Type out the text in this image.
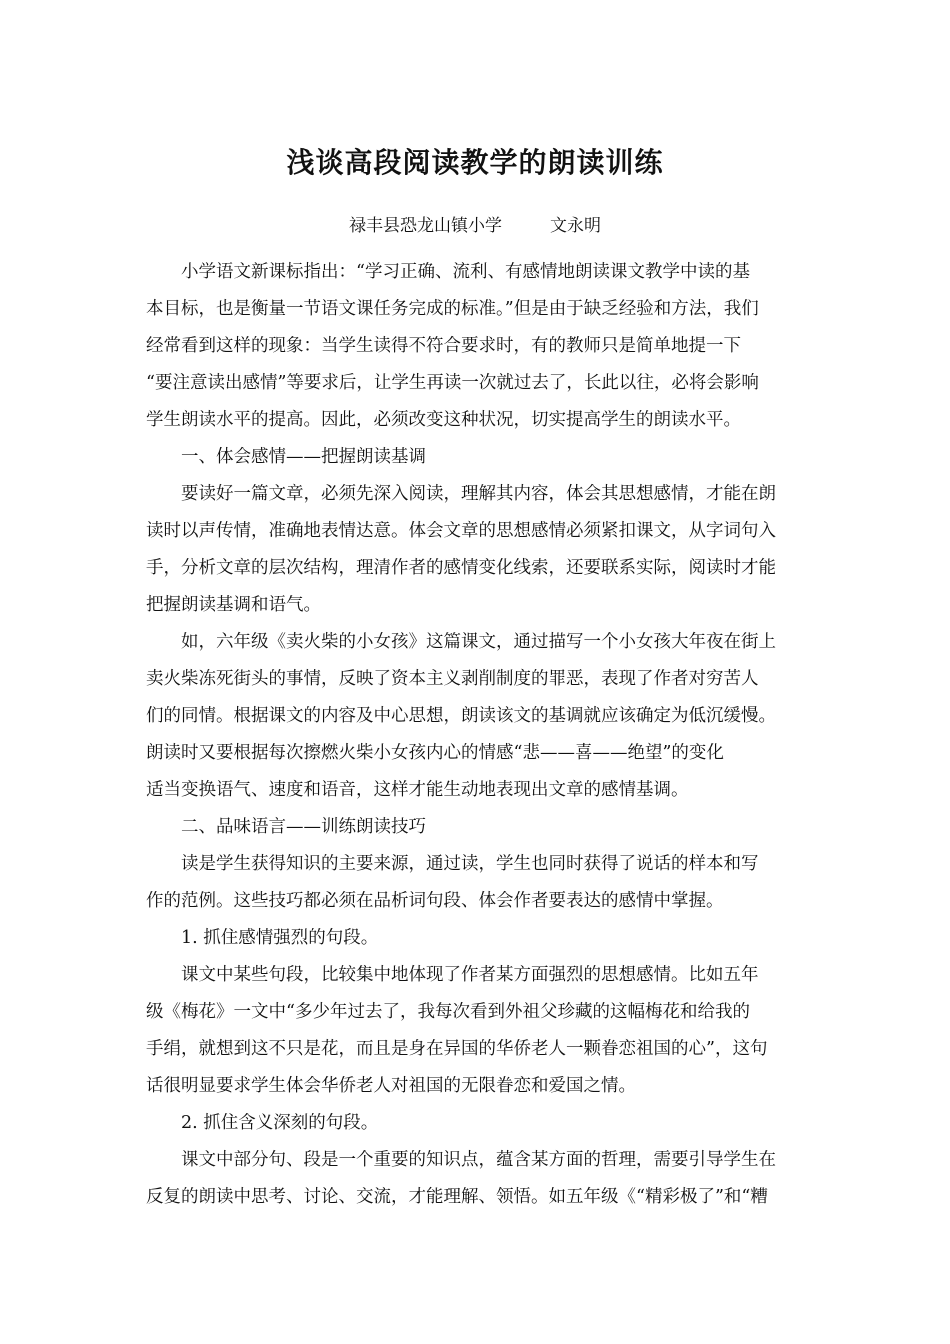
浅谈高段阅读教学的朗读训练
禄丰县恐龙山镇小学	文永明
　　小学语文新课标指出：“学习正确、流利、有感情地朗读课文教学中读的基
本目标，也是衡量一节语文课任务完成的标准。”但是由于缺乏经验和方法，我们
经常看到这样的现象：当学生读得不符合要求时，有的教师只是简单地提一下
“要注意读出感情”等要求后，让学生再读一次就过去了，长此以往，必将会影响
学生朗读水平的提高。因此，必须改变这种状况，切实提高学生的朗读水平。
　　一、体会感情——把握朗读基调
　　要读好一篇文章，必须先深入阅读，理解其内容，体会其思想感情，才能在朗
读时以声传情，准确地表情达意。体会文章的思想感情必须紧扣课文，从字词句入
手，分析文章的层次结构，理清作者的感情变化线索，还要联系实际，阅读时才能
把握朗读基调和语气。
　　如，六年级《卖火柴的小女孩》这篇课文，通过描写一个小女孩大年夜在街上
卖火柴冻死街头的事情，反映了资本主义剥削制度的罪恶，表现了作者对穷苦人
们的同情。根据课文的内容及中心思想，朗读该文的基调就应该确定为低沉缓慢。
朗读时又要根据每次擦燃火柴小女孩内心的情感“悲——喜——绝望”的变化
适当变换语气、速度和语音，这样才能生动地表现出文章的感情基调。
　　二、品味语言——训练朗读技巧
　　读是学生获得知识的主要来源，通过读，学生也同时获得了说话的样本和写
作的范例。这些技巧都必须在品析词句段、体会作者要表达的感情中掌握。
　　1. 抓住感情强烈的句段。
　　课文中某些句段，比较集中地体现了作者某方面强烈的思想感情。比如五年
级《梅花》一文中“多少年过去了，我每次看到外祖父珍藏的这幅梅花和给我的
手绢，就想到这不只是花，而且是身在异国的华侨老人一颗眷恋祖国的心”，这句
话很明显要求学生体会华侨老人对祖国的无限眷恋和爱国之情。
　　2. 抓住含义深刻的句段。
　　课文中部分句、段是一个重要的知识点，蕴含某方面的哲理，需要引导学生在
反复的朗读中思考、讨论、交流，才能理解、领悟。如五年级《“精彩极了”和“糟
